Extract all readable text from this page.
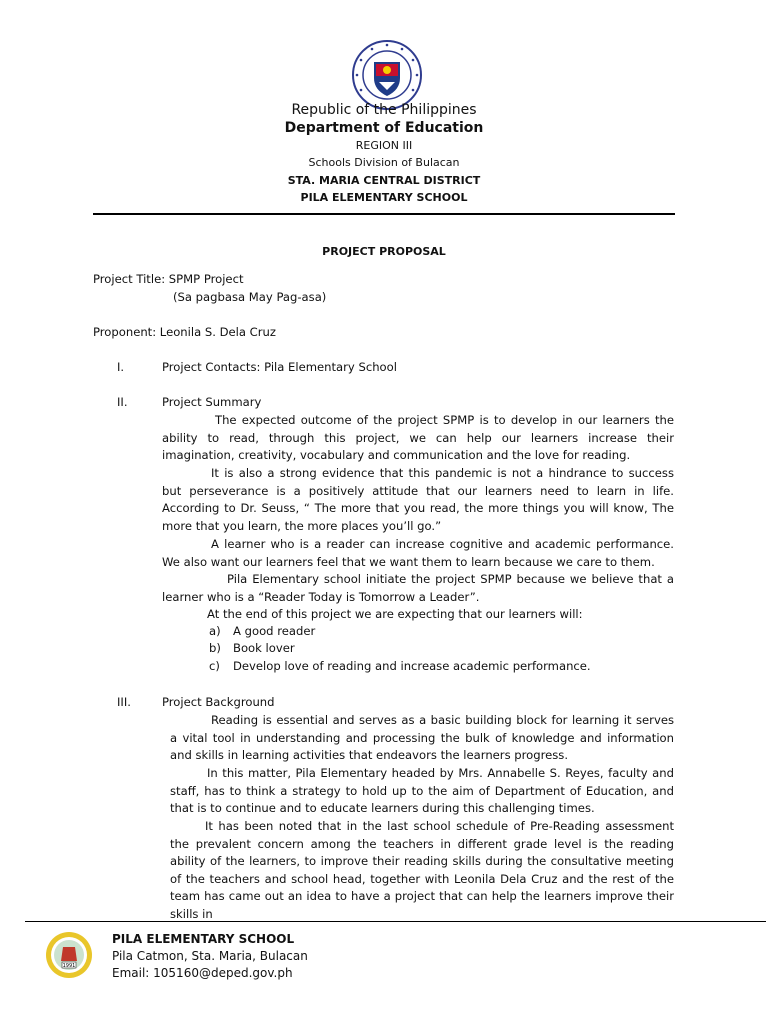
Republic of the Philippines
Department of Education
REGION III
Schools Division of Bulacan
STA. MARIA CENTRAL DISTRICT
PILA ELEMENTARY SCHOOL
PROJECT PROPOSAL
Project Title: SPMP Project
(Sa pagbasa May Pag-asa)
Proponent: Leonila S. Dela Cruz
I.	Project Contacts: Pila Elementary School
II.	Project Summary
The expected outcome of the project SPMP is to develop in our learners the ability to read, through this project, we can help our learners increase their imagination, creativity, vocabulary and communication and the love for reading.
It is also a strong evidence that this pandemic is not a hindrance to success but perseverance is a positively attitude that our learners need to learn in life. According to Dr. Seuss, “ The more that you read, the more things you will know, The more that you learn, the more places you’ll go.”
A learner who is a reader can increase cognitive and academic performance. We also want our learners feel that we want them to learn because we care to them.
Pila Elementary school initiate the project SPMP because we believe that a learner who is a “Reader Today is Tomorrow a Leader”.
At the end of this project we are expecting that our learners will:
a) A good reader
b) Book lover
c) Develop love of reading and increase academic performance.
III.	Project Background
Reading is essential and serves as a basic building block for learning it serves a vital tool in understanding and processing the bulk of knowledge and information and skills in learning activities that endeavors the learners progress.
In this matter, Pila Elementary headed by Mrs. Annabelle S. Reyes, faculty and staff, has to think a strategy to hold up to the aim of Department of Education, and that is to continue and to educate learners during this challenging times.
It has been noted that in the last school schedule of Pre-Reading assessment the prevalent concern among the teachers in different grade level is the reading ability of the learners, to improve their reading skills during the consultative meeting of the teachers and school head, together with Leonila Dela Cruz and the rest of the team has came out an idea to have a project that can help the learners improve their skills in
1991
PILA ELEMENTARY SCHOOL
Pila Catmon, Sta. Maria, Bulacan
Email: 105160@deped.gov.ph
